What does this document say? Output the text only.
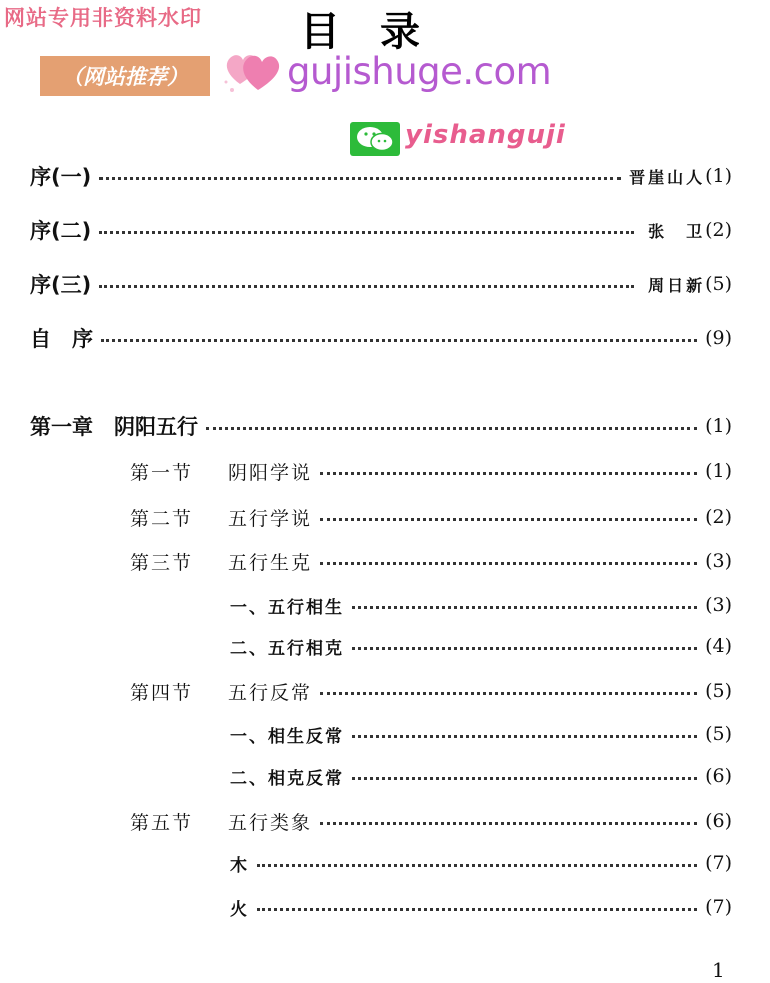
网站专用非资料水印 目录
（网站推荐）	gujishuge.com
yishanguji
序(一)	晋崖山人 (1)
序(二)	张　卫 (2)
序(三)	周日新 (5)
自　序	(9)
第一章　阴阳五行	(1)
第一节	阴阳学说	(1)
第二节	五行学说	(2)
第三节	五行生克	(3)
一、五行相生	(3)
二、五行相克	(4)
第四节	五行反常	(5)
一、相生反常	(5)
二、相克反常	(6)
第五节	五行类象	(6)
木	(7)
火	(7)
1
